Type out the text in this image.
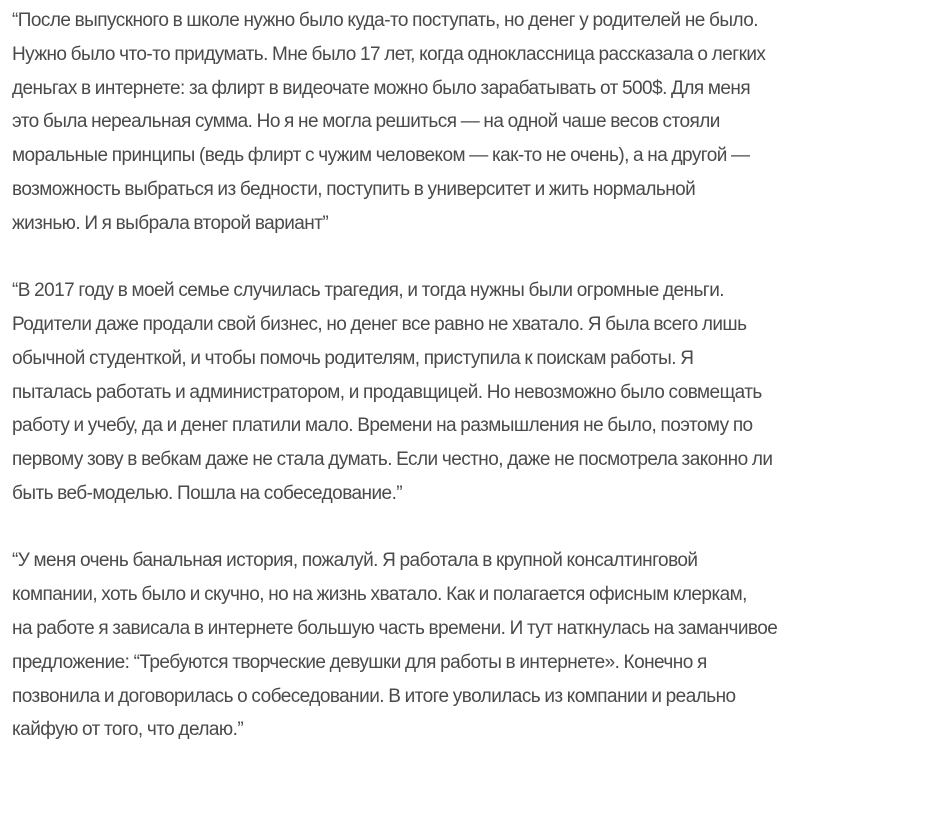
“После выпускного в школе нужно было куда-то поступать, но денег у родителей не было.
Нужно было что-то придумать. Мне было 17 лет, когда одноклассница рассказала о легких
деньгах в интернете: за флирт в видеочате можно было зарабатывать от 500$. Для меня
это была нереальная сумма. Но я не могла решиться — на одной чаше весов стояли
моральные принципы (ведь флирт с чужим человеком — как-то не очень), а на другой —
возможность выбраться из бедности, поступить в университет и жить нормальной
жизнью. И я выбрала второй вариант”

“В 2017 году в моей семье случилась трагедия, и тогда нужны были огромные деньги.
Родители даже продали свой бизнес, но денег все равно не хватало. Я была всего лишь
обычной студенткой, и чтобы помочь родителям, приступила к поискам работы. Я
пыталась работать и администратором, и продавщицей. Но невозможно было совмещать
работу и учебу, да и денег платили мало. Времени на размышления не было, поэтому по
первому зову в вебкам даже не стала думать. Если честно, даже не посмотрела законно ли
быть веб-моделью. Пошла на собеседование.”

“У меня очень банальная история, пожалуй. Я работала в крупной консалтинговой
компании, хоть было и скучно, но на жизнь хватало. Как и полагается офисным клеркам,
на работе я зависала в интернете большую часть времени. И тут наткнулась на заманчивое
предложение: “Требуются творческие девушки для работы в интернете». Конечно я
позвонила и договорилась о собеседовании. В итоге уволилась из компании и реально
кайфую от того, что делаю.”
